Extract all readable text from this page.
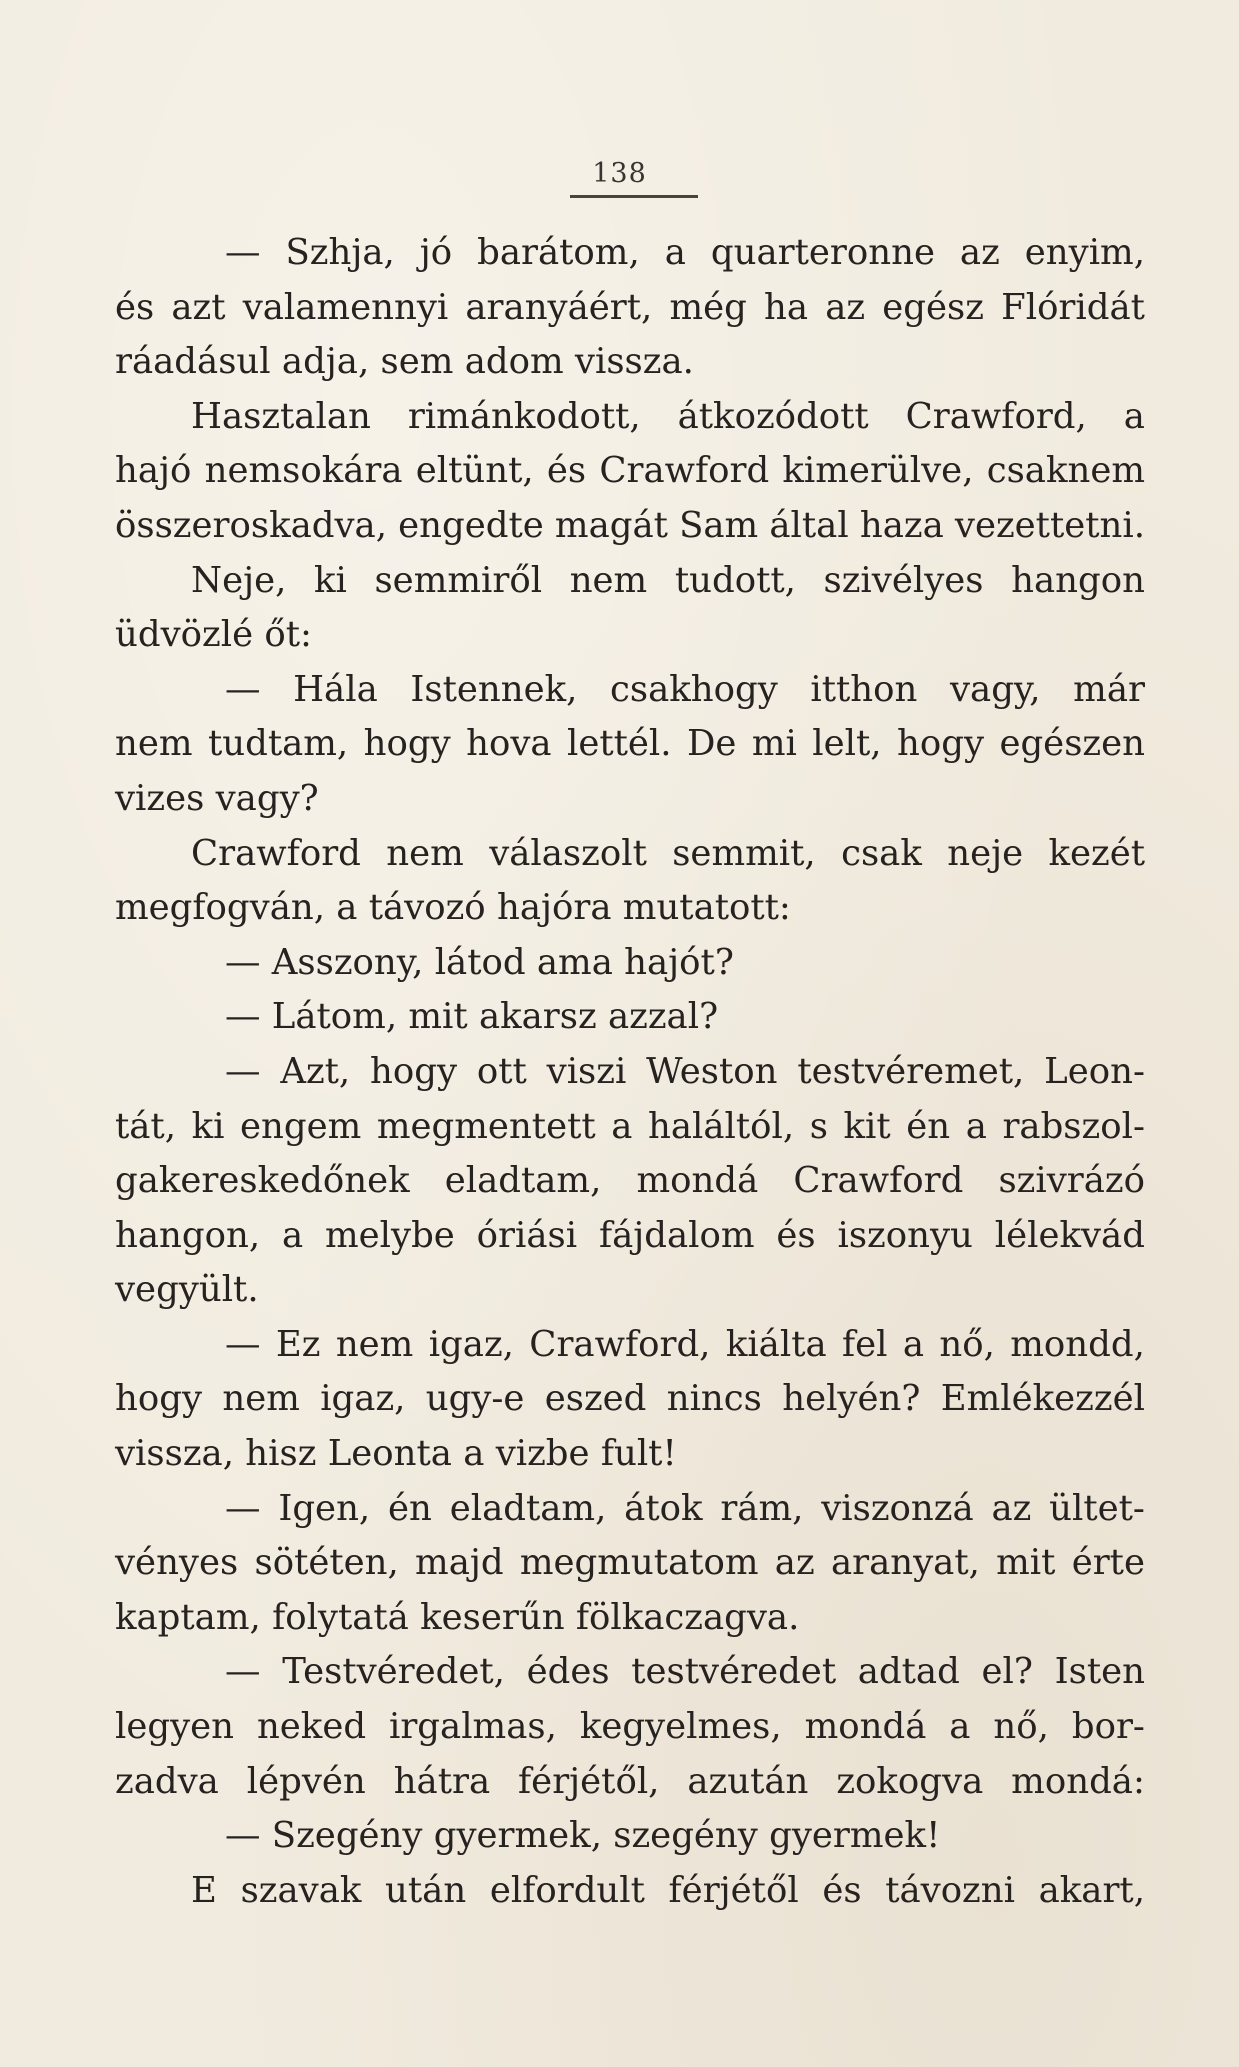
138
— Szhja, jó barátom, a quarteronne az enyim,
és azt valamennyi aranyáért, még ha az egész Flóridát
ráadásul adja, sem adom vissza.
Hasztalan rimánkodott, átkozódott Crawford, a
hajó nemsokára eltünt, és Crawford kimerülve, csaknem
összeroskadva, engedte magát Sam által haza vezettetni.
Neje, ki semmiről nem tudott, szivélyes hangon
üdvözlé őt:
— Hála Istennek, csakhogy itthon vagy, már
nem tudtam, hogy hova lettél. De mi lelt, hogy egészen
vizes vagy?
Crawford nem válaszolt semmit, csak neje kezét
megfogván, a távozó hajóra mutatott:
— Asszony, látod ama hajót?
— Látom, mit akarsz azzal?
— Azt, hogy ott viszi Weston testvéremet, Leon-
tát, ki engem megmentett a haláltól, s kit én a rabszol-
gakereskedőnek eladtam, mondá Crawford szivrázó
hangon, a melybe óriási fájdalom és iszonyu lélekvád
vegyült.
— Ez nem igaz, Crawford, kiálta fel a nő, mondd,
hogy nem igaz, ugy-e eszed nincs helyén? Emlékezzél
vissza, hisz Leonta a vizbe fult!
— Igen, én eladtam, átok rám, viszonzá az ültet-
vényes sötéten, majd megmutatom az aranyat, mit érte
kaptam, folytatá keserűn fölkaczagva.
— Testvéredet, édes testvéredet adtad el? Isten
legyen neked irgalmas, kegyelmes, mondá a nő, bor-
zadva lépvén hátra férjétől, azután zokogva mondá:
— Szegény gyermek, szegény gyermek!
E szavak után elfordult férjétől és távozni akart,
